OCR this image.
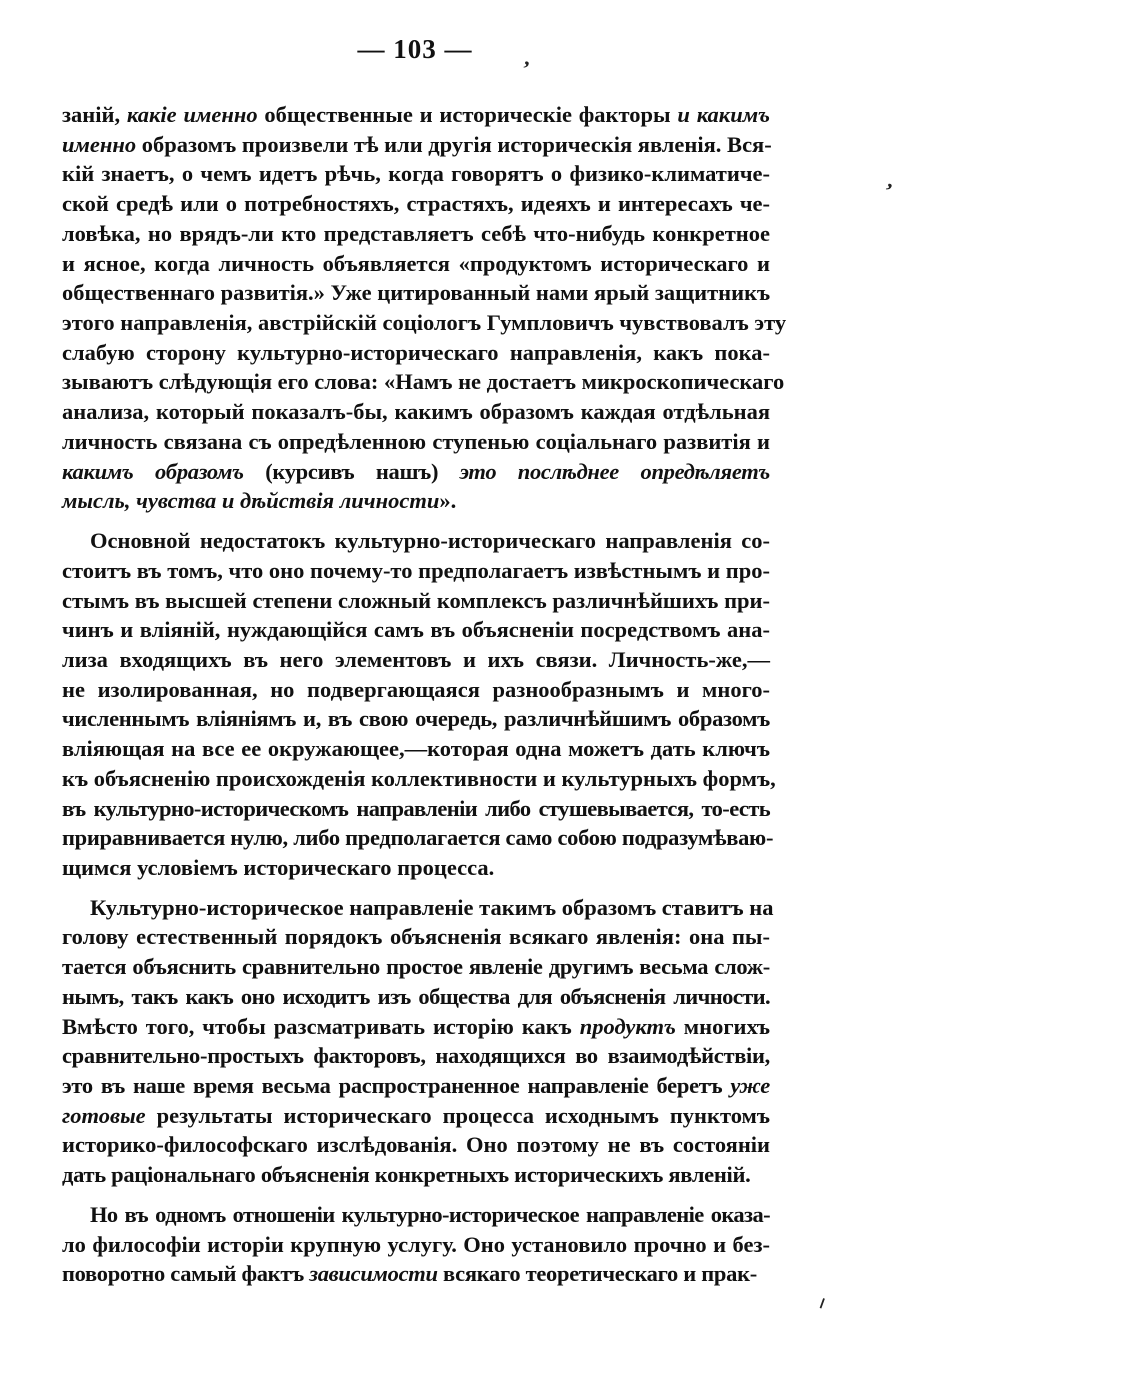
— 103 —
ʼ
ʼ
⸝
заній, какіе именно общественные и историческіе факторы и какимъ
именно образомъ произвели тѣ или другія историческія явленія. Вся-
кій знаетъ, о чемъ идетъ рѣчь, когда говорятъ о физико-климатиче-
ской средѣ или о потребностяхъ, страстяхъ, идеяхъ и интересахъ че-
ловѣка, но врядъ-ли кто представляетъ себѣ что-нибудь конкретное
и ясное, когда личность объявляется «продуктомъ историческаго и
общественнаго развитія.» Уже цитированный нами ярый защитникъ
этого направленія, австрійскій соціологъ Гумпловичъ чувствовалъ эту
слабую сторону культурно-историческаго направленія, какъ пока-
зываютъ слѣдующія его слова: «Намъ не достаетъ микроскопическаго
анализа, который показалъ-бы, какимъ образомъ каждая отдѣльная
личность связана съ опредѣленною ступенью соціальнаго развитія и
какимъ образомъ (курсивъ нашъ) это послѣднее опредѣляетъ
мысль, чувства и дѣйствія личности».
Основной недостатокъ культурно-историческаго направленія со-
стоитъ въ томъ, что оно почему-то предполагаетъ извѣстнымъ и про-
стымъ въ высшей степени сложный комплексъ различнѣйшихъ при-
чинъ и вліяній, нуждающійся самъ въ объясненіи посредствомъ ана-
лиза входящихъ въ него элементовъ и ихъ связи. Личность-же,—
не изолированная, но подвергающаяся разнообразнымъ и много-
численнымъ вліяніямъ и, въ свою очередь, различнѣйшимъ образомъ
вліяющая на все ее окружающее,—которая одна можетъ дать ключъ
къ объясненію происхожденія коллективности и культурныхъ формъ,
въ культурно-историческомъ направленіи либо стушевывается, то-есть
приравнивается нулю, либо предполагается само собою подразумѣваю-
щимся условіемъ историческаго процесса.
Культурно-историческое направленіе такимъ образомъ ставитъ на
голову естественный порядокъ объясненія всякаго явленія: она пы-
тается объяснить сравнительно простое явленіе другимъ весьма слож-
нымъ, такъ какъ оно исходитъ изъ общества для объясненія личности.
Вмѣсто того, чтобы разсматривать исторію какъ продуктъ многихъ
сравнительно-простыхъ факторовъ, находящихся во взаимодѣйствіи,
это въ наше время весьма распространенное направленіе беретъ уже
готовые результаты историческаго процесса исходнымъ пунктомъ
историко-философскаго изслѣдованія. Оно поэтому не въ состояніи
дать раціональнаго объясненія конкретныхъ историческихъ явленій.
Но въ одномъ отношеніи культурно-историческое направленіе оказа-
ло философіи исторіи крупную услугу. Оно установило прочно и без-
поворотно самый фактъ зависимости всякаго теоретическаго и прак-
